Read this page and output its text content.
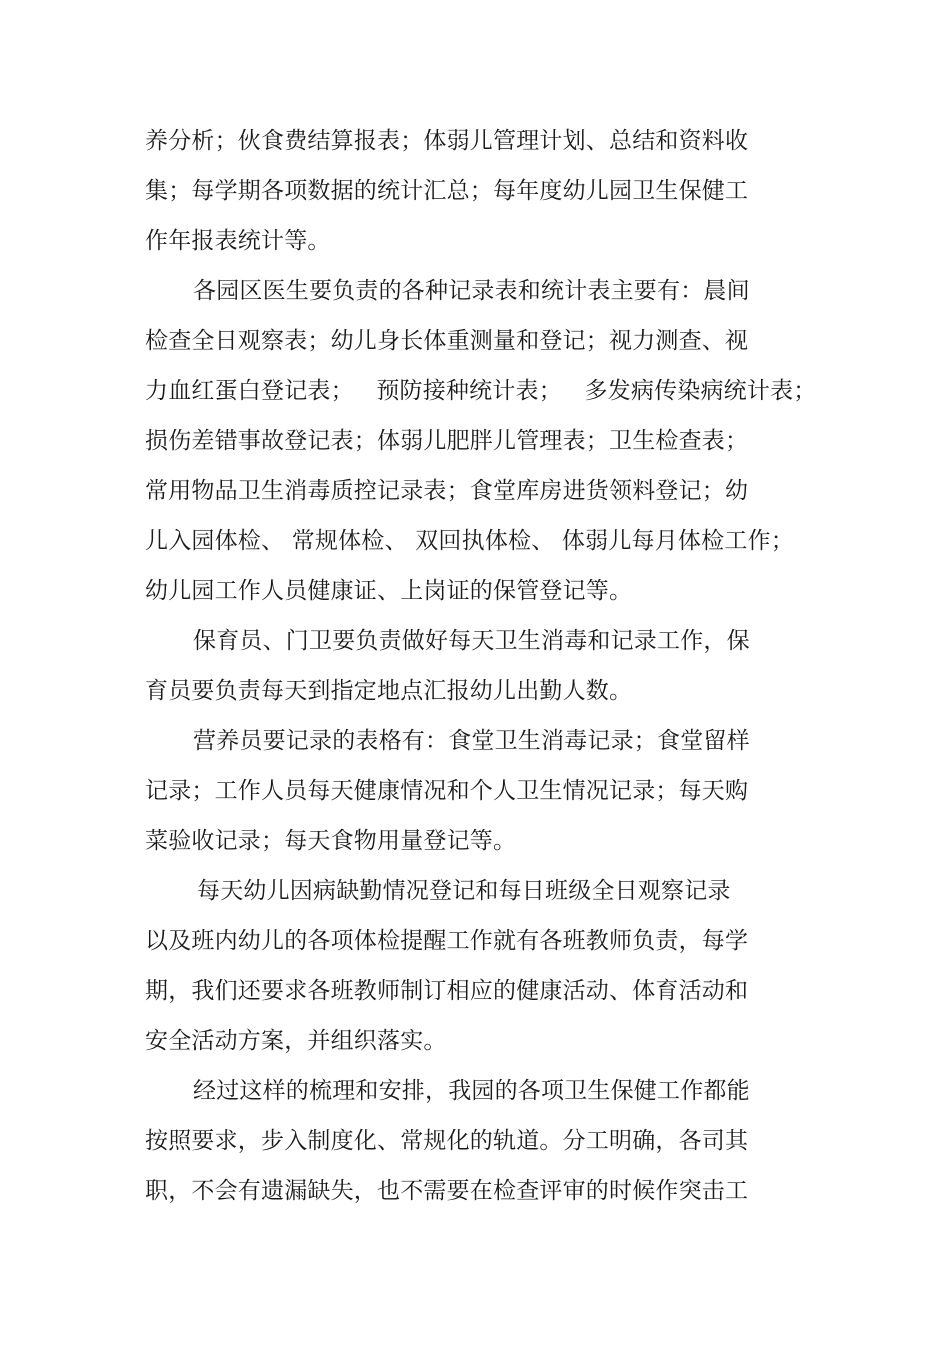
养分析；伙食费结算报表；体弱儿管理计划、总结和资料收
集；每学期各项数据的统计汇总；每年度幼儿园卫生保健工
作年报表统计等。
各园区医生要负责的各种记录表和统计表主要有：晨间
检查全日观察表；幼儿身长体重测量和登记；视力测查、视
力血红蛋白登记表；   预防接种统计表；   多发病传染病统计表；
损伤差错事故登记表；体弱儿肥胖儿管理表；卫生检查表；
常用物品卫生消毒质控记录表；食堂库房进货领料登记；幼
儿入园体检、 常规体检、 双回执体检、 体弱儿每月体检工作；
幼儿园工作人员健康证、上岗证的保管登记等。
保育员、门卫要负责做好每天卫生消毒和记录工作，保
育员要负责每天到指定地点汇报幼儿出勤人数。
营养员要记录的表格有：食堂卫生消毒记录；食堂留样
记录；工作人员每天健康情况和个人卫生情况记录；每天购
菜验收记录；每天食物用量登记等。
每天幼儿因病缺勤情况登记和每日班级全日观察记录
以及班内幼儿的各项体检提醒工作就有各班教师负责，每学
期，我们还要求各班教师制订相应的健康活动、体育活动和
安全活动方案，并组织落实。
经过这样的梳理和安排，我园的各项卫生保健工作都能
按照要求，步入制度化、常规化的轨道。分工明确，各司其
职，不会有遗漏缺失，也不需要在检查评审的时候作突击工
